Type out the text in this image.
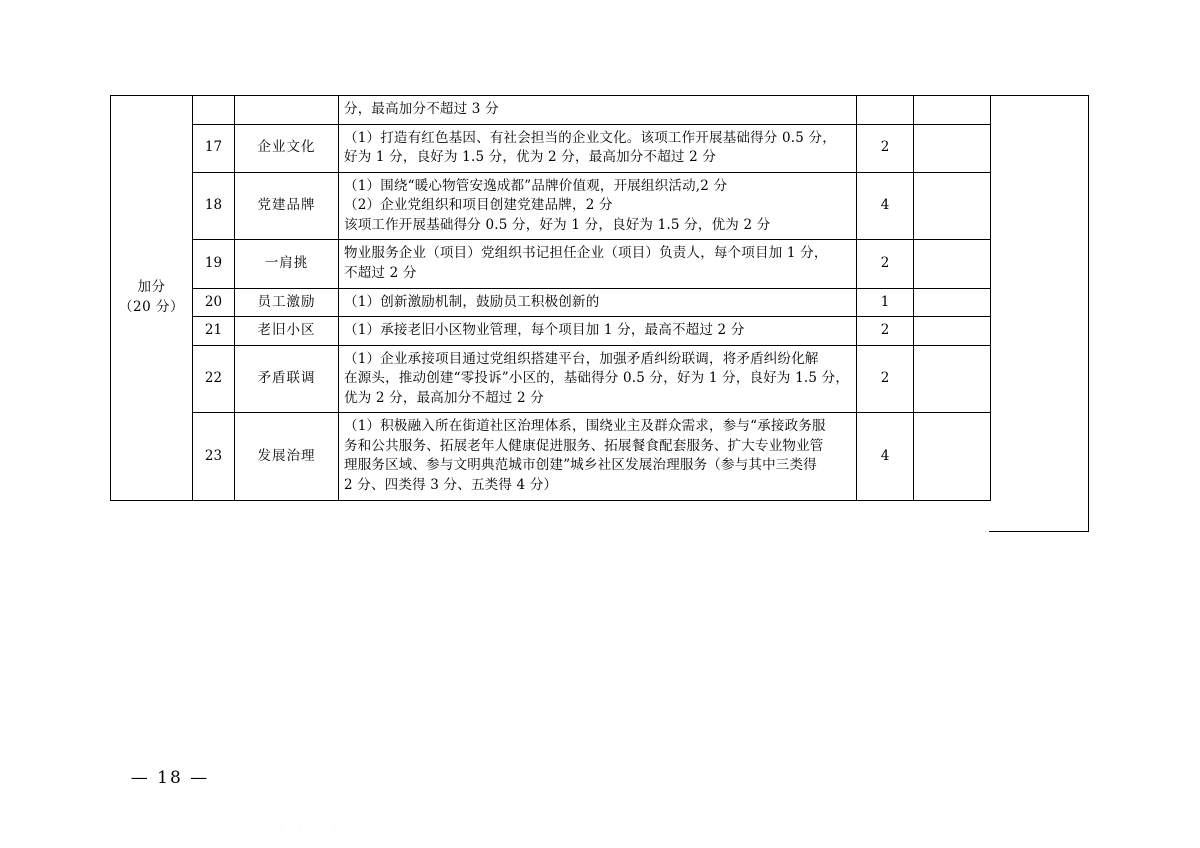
加分
（20 分）			分，最高加分不超过 3 分		

	17	企业文化	（1）打造有红色基因、有社会担当的企业文化。该项工作开展基础得分 0.5 分，

好为 1 分，良好为 1.5 分，优为 2 分，最高加分不超过 2 分	2	
	18	党建品牌	（1）围绕“暖心物管安逸成都”品牌价值观，开展组织活动,2 分

（2）企业党组织和项目创建党建品牌，2 分

该项工作开展基础得分 0.5 分，好为 1 分，良好为 1.5 分，优为 2 分	4	
	19	一肩挑	物业服务企业（项目）党组织书记担任企业（项目）负责人，每个项目加 1 分，

不超过 2 分	2	
	20	员工激励	（1）创新激励机制，鼓励员工积极创新的	1	
	21	老旧小区	（1）承接老旧小区物业管理，每个项目加 1 分，最高不超过 2 分	2	
	22	矛盾联调	（1）企业承接项目通过党组织搭建平台，加强矛盾纠纷联调，将矛盾纠纷化解

在源头，推动创建“零投诉”小区的，基础得分 0.5 分，好为 1 分，良好为 1.5 分，

优为 2 分，最高加分不超过 2 分	2	
	23	发展治理	（1）积极融入所在街道社区治理体系，围绕业主及群众需求，参与“承接政务服

务和公共服务、拓展老年人健康促进服务、拓展餐食配套服务、扩大专业物业管

理服务区域、参与文明典范城市创建”城乡社区发展治理服务（参与其中三类得

2 分、四类得 3 分、五类得 4 分）	4	
— 18 —
· · · ·
